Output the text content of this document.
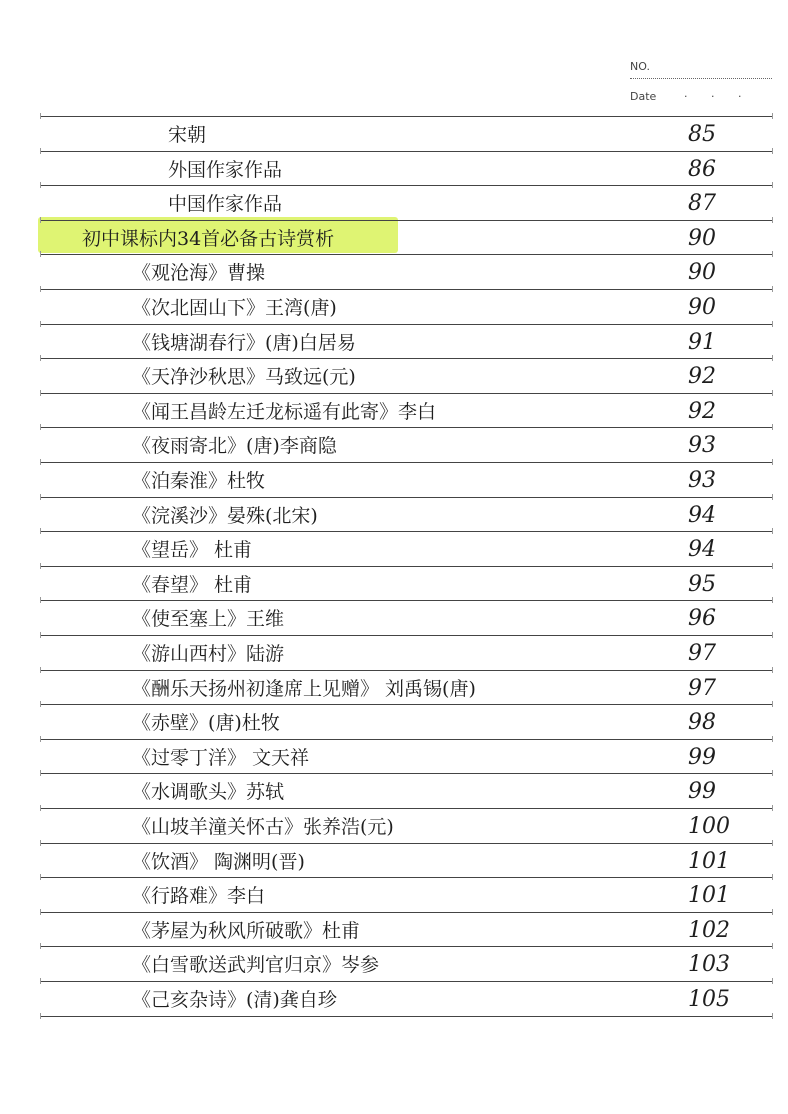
NO.
Date	· · ·
宋朝	85
外国作家作品	86
中国作家作品	87
初中课标内34首必备古诗赏析	90
《观沧海》曹操	90
《次北固山下》王湾(唐)	90
《钱塘湖春行》(唐)白居易	91
《天净沙秋思》马致远(元)	92
《闻王昌龄左迁龙标遥有此寄》李白	92
《夜雨寄北》(唐)李商隐	93
《泊秦淮》杜牧	93
《浣溪沙》晏殊(北宋)	94
《望岳》 杜甫	94
《春望》 杜甫	95
《使至塞上》王维	96
《游山西村》陆游	97
《酬乐天扬州初逢席上见赠》 刘禹锡(唐)	97
《赤壁》(唐)杜牧	98
《过零丁洋》 文天祥	99
《水调歌头》苏轼	99
《山坡羊潼关怀古》张养浩(元)	100
《饮酒》 陶渊明(晋)	101
《行路难》李白	101
《茅屋为秋风所破歌》杜甫	102
《白雪歌送武判官归京》岑参	103
《己亥杂诗》(清)龚自珍	105
